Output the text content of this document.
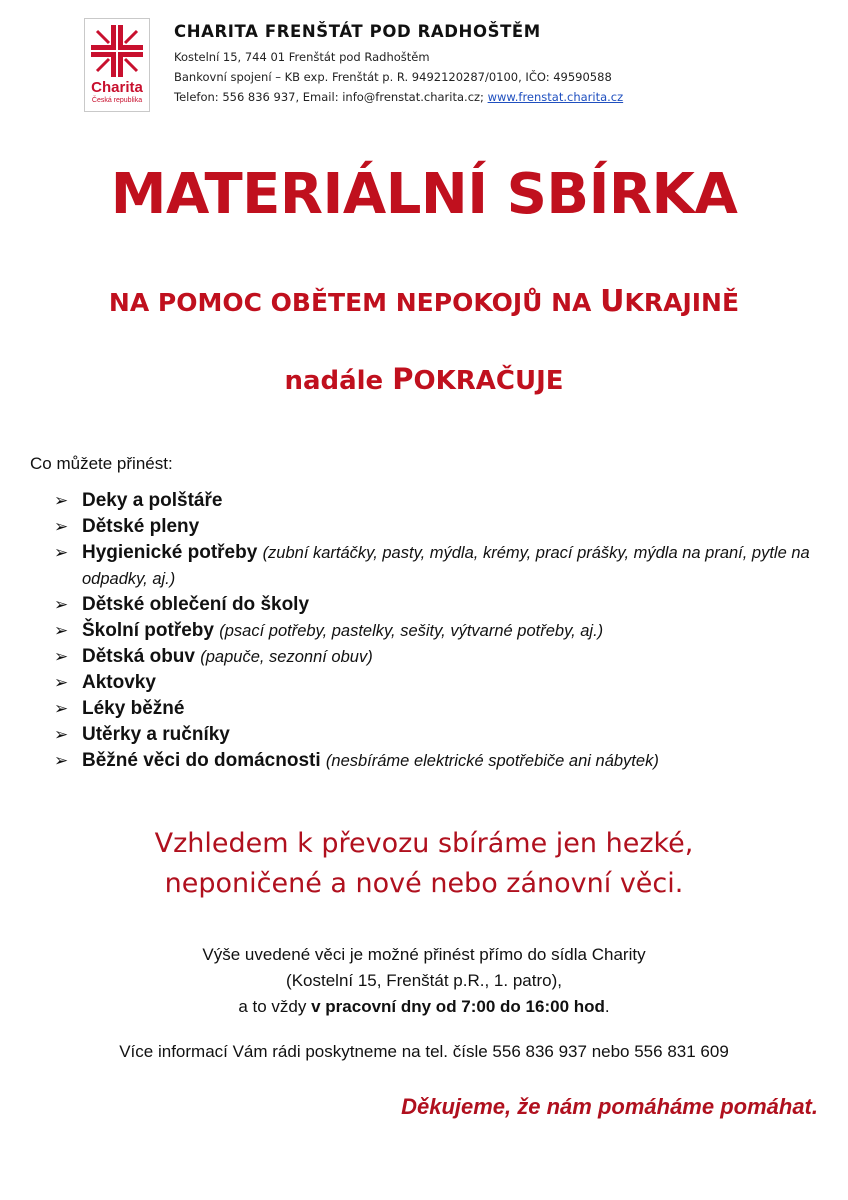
Charita
Česká republika
CHARITA FRENŠTÁT POD RADHOŠTĚM
Kostelní 15, 744 01 Frenštát pod Radhoštěm
Bankovní spojení – KB exp. Frenštát p. R. 9492120287/0100, IČO: 49590588
Telefon: 556 836 937, Email: info@frenstat.charita.cz; www.frenstat.charita.cz
MATERIÁLNÍ SBÍRKA
NA POMOC OBĚTEM NEPOKOJŮ NA UKRAJINĚ
nadále POKRAČUJE
Co můžete přinést:
➢ Deky a polštáře
➢ Dětské pleny
➢ Hygienické potřeby (zubní kartáčky, pasty, mýdla, krémy, prací prášky, mýdla na praní, pytle na odpadky, aj.)
➢ Dětské oblečení do školy
➢ Školní potřeby (psací potřeby, pastelky, sešity, výtvarné potřeby, aj.)
➢ Dětská obuv (papuče, sezonní obuv)
➢ Aktovky
➢ Léky běžné
➢ Utěrky a ručníky
➢ Běžné věci do domácnosti (nesbíráme elektrické spotřebiče ani nábytek)
Vzhledem k převozu sbíráme jen hezké,
neponičené a nové nebo zánovní věci.
Výše uvedené věci je možné přinést přímo do sídla Charity
(Kostelní 15, Frenštát p.R., 1. patro),
a to vždy v pracovní dny od 7:00 do 16:00 hod.
Více informací Vám rádi poskytneme na tel. čísle 556 836 937 nebo 556 831 609
Děkujeme, že nám pomáháme pomáhat.
